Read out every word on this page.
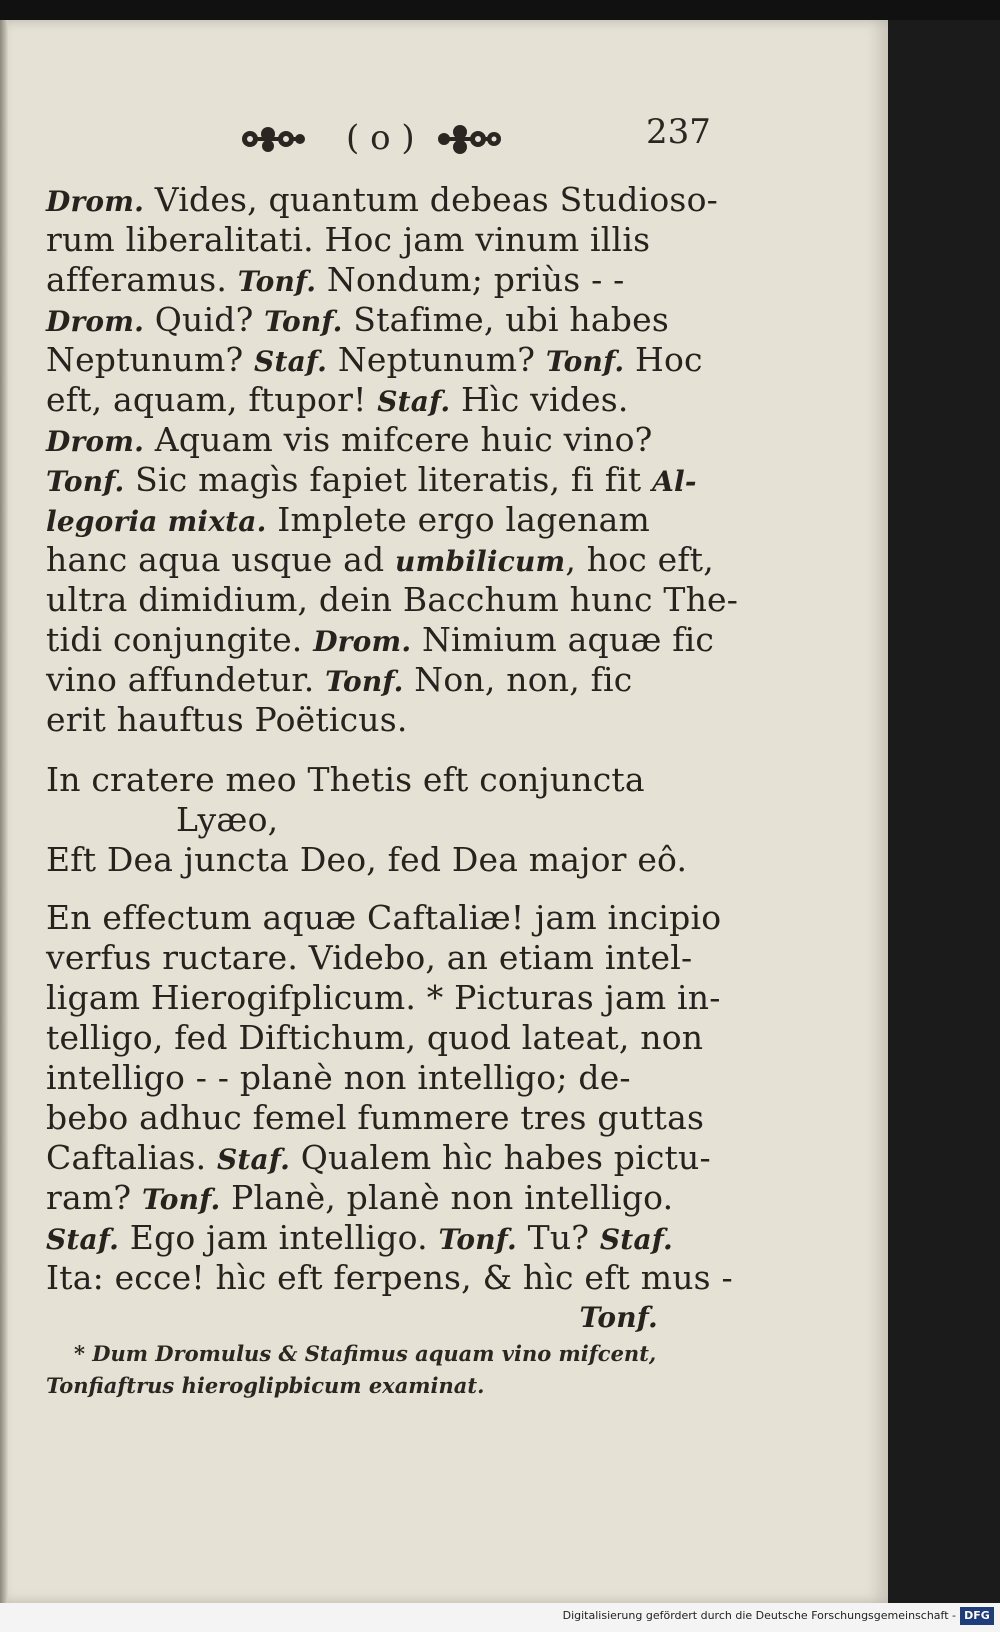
( o )	237
Drom. Vides, quantum debeas Studioso-
rum liberalitati. Hoc jam vinum illis
afferamus. Tonf. Nondum; priùs - -
Drom. Quid? Tonf. Stafime, ubi habes
Neptunum? Staf. Neptunum? Tonf. Hoc
eft, aquam, ftupor! Staf. Hìc vides.
Drom. Aquam vis mifcere huic vino?
Tonf. Sic magìs fapiet literatis, fi fit Al-
legoria mixta. Implete ergo lagenam
hanc aqua usque ad umbilicum, hoc eft,
ultra dimidium, dein Bacchum hunc The-
tidi conjungite. Drom. Nimium aquæ fic
vino affundetur. Tonf. Non, non, fic
erit hauftus Poëticus.
In cratere meo Thetis eft conjuncta
Lyæo,
Eft Dea juncta Deo, fed Dea major eô.
En effectum aquæ Caftaliæ! jam incipio
verfus ructare. Videbo, an etiam intel-
ligam Hierogifplicum. * Picturas jam in-
telligo, fed Diftichum, quod lateat, non
intelligo - - planè non intelligo; de-
bebo adhuc femel fummere tres guttas
Caftalias. Staf. Qualem hìc habes pictu-
ram? Tonf. Planè, planè non intelligo.
Staf. Ego jam intelligo. Tonf. Tu? Staf.
Ita: ecce! hìc eft ferpens, & hìc eft mus -
Tonf.
* Dum Dromulus & Stafimus aquam vino mifcent,
Tonfiaftrus hieroglipbicum examinat.
Digitalisierung gefördert durch die Deutsche Forschungsgemeinschaft - DFG
